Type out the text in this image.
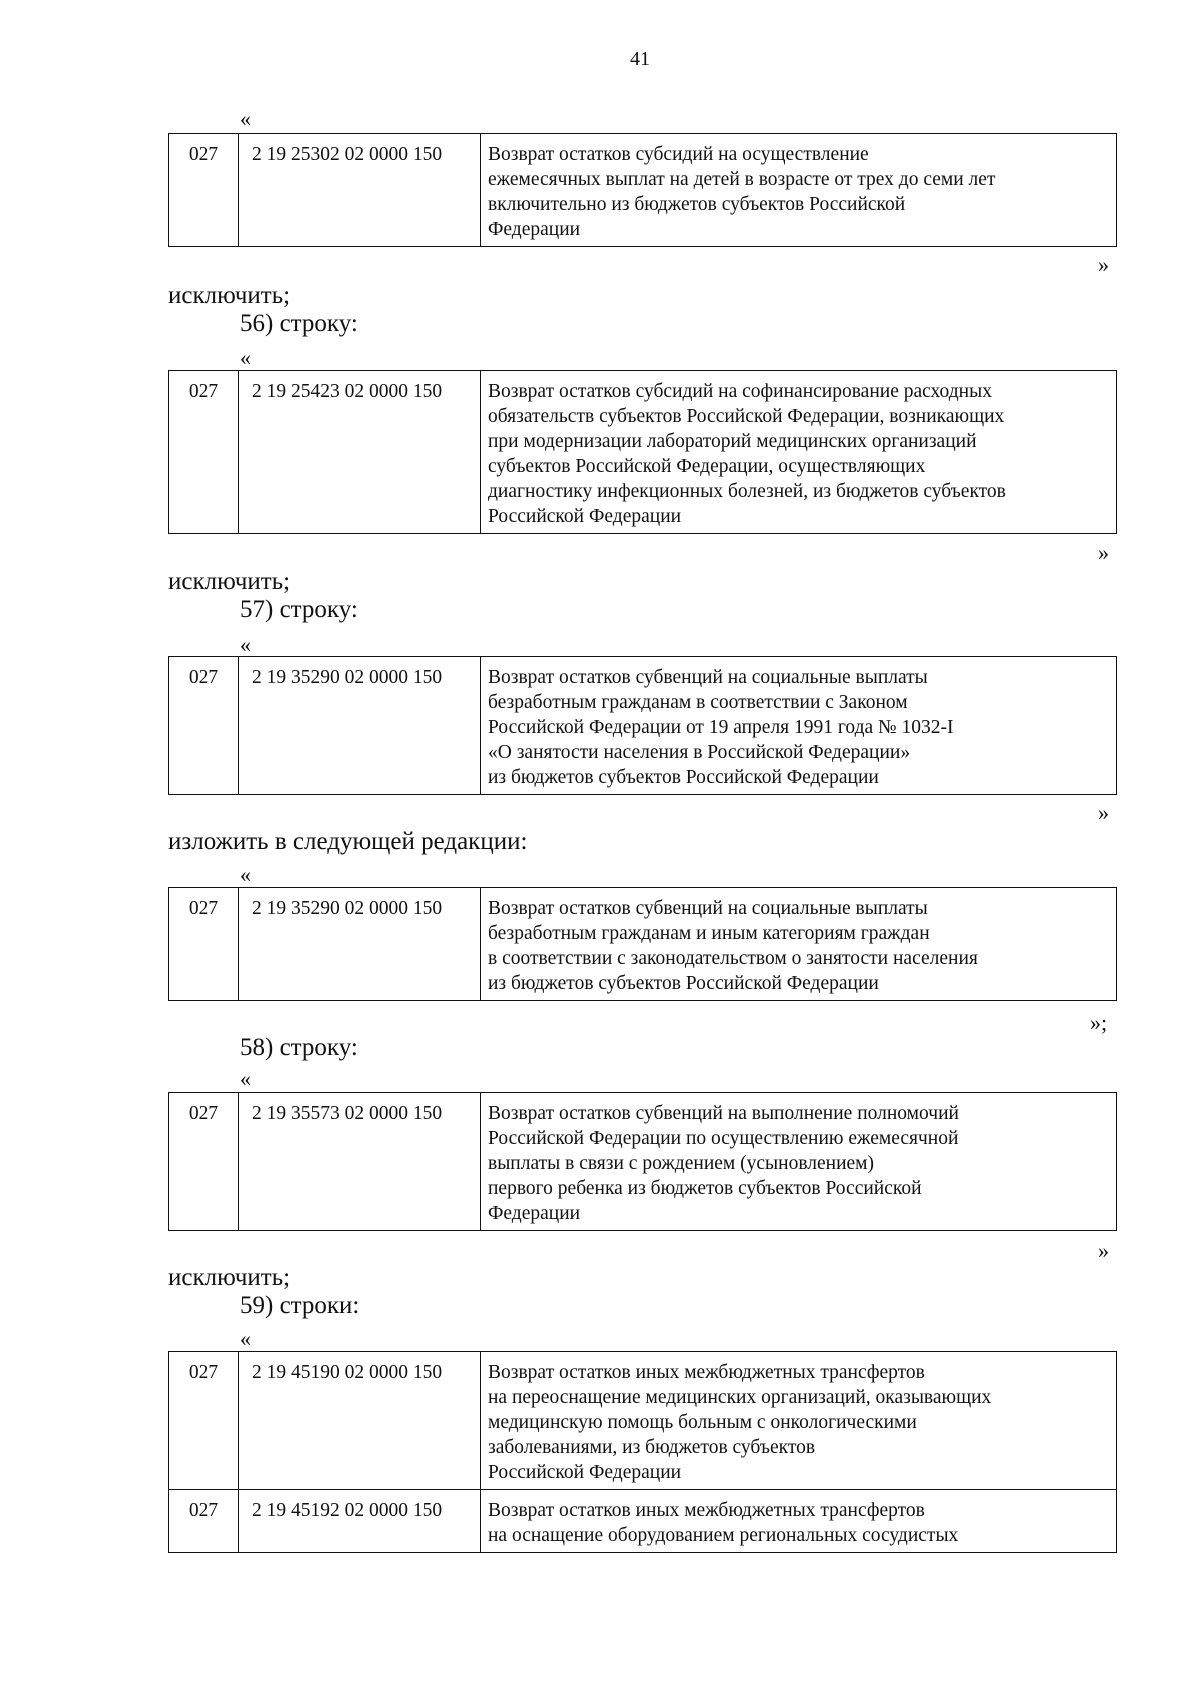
41
«
027	2 19 25302 02 0000 150	Возврат остатков субсидий на осуществление
ежемесячных выплат на детей в возрасте от трех до семи лет
включительно из бюджетов субъектов Российской
Федерации
»
исключить;
56) строку:
«
027	2 19 25423 02 0000 150	Возврат остатков субсидий на софинансирование расходных
обязательств субъектов Российской Федерации, возникающих
при модернизации лабораторий медицинских организаций
субъектов Российской Федерации, осуществляющих
диагностику инфекционных болезней, из бюджетов субъектов
Российской Федерации
»
исключить;
57) строку:
«
027	2 19 35290 02 0000 150	Возврат остатков субвенций на социальные выплаты
безработным гражданам в соответствии с Законом
Российской Федерации от 19 апреля 1991 года № 1032-I
«О занятости населения в Российской Федерации»
из бюджетов субъектов Российской Федерации
»
изложить в следующей редакции:
«
027	2 19 35290 02 0000 150	Возврат остатков субвенций на социальные выплаты
безработным гражданам и иным категориям граждан
в соответствии с законодательством о занятости населения
из бюджетов субъектов Российской Федерации
»;
58) строку:
«
027	2 19 35573 02 0000 150	Возврат остатков субвенций на выполнение полномочий
Российской Федерации по осуществлению ежемесячной
выплаты в связи с рождением (усыновлением)
первого ребенка из бюджетов субъектов Российской
Федерации
»
исключить;
59) строки:
«
027	2 19 45190 02 0000 150	Возврат остатков иных межбюджетных трансфертов
на переоснащение медицинских организаций, оказывающих
медицинскую помощь больным с онкологическими
заболеваниями, из бюджетов субъектов
Российской Федерации
027	2 19 45192 02 0000 150	Возврат остатков иных межбюджетных трансфертов
на оснащение оборудованием региональных сосудистых
